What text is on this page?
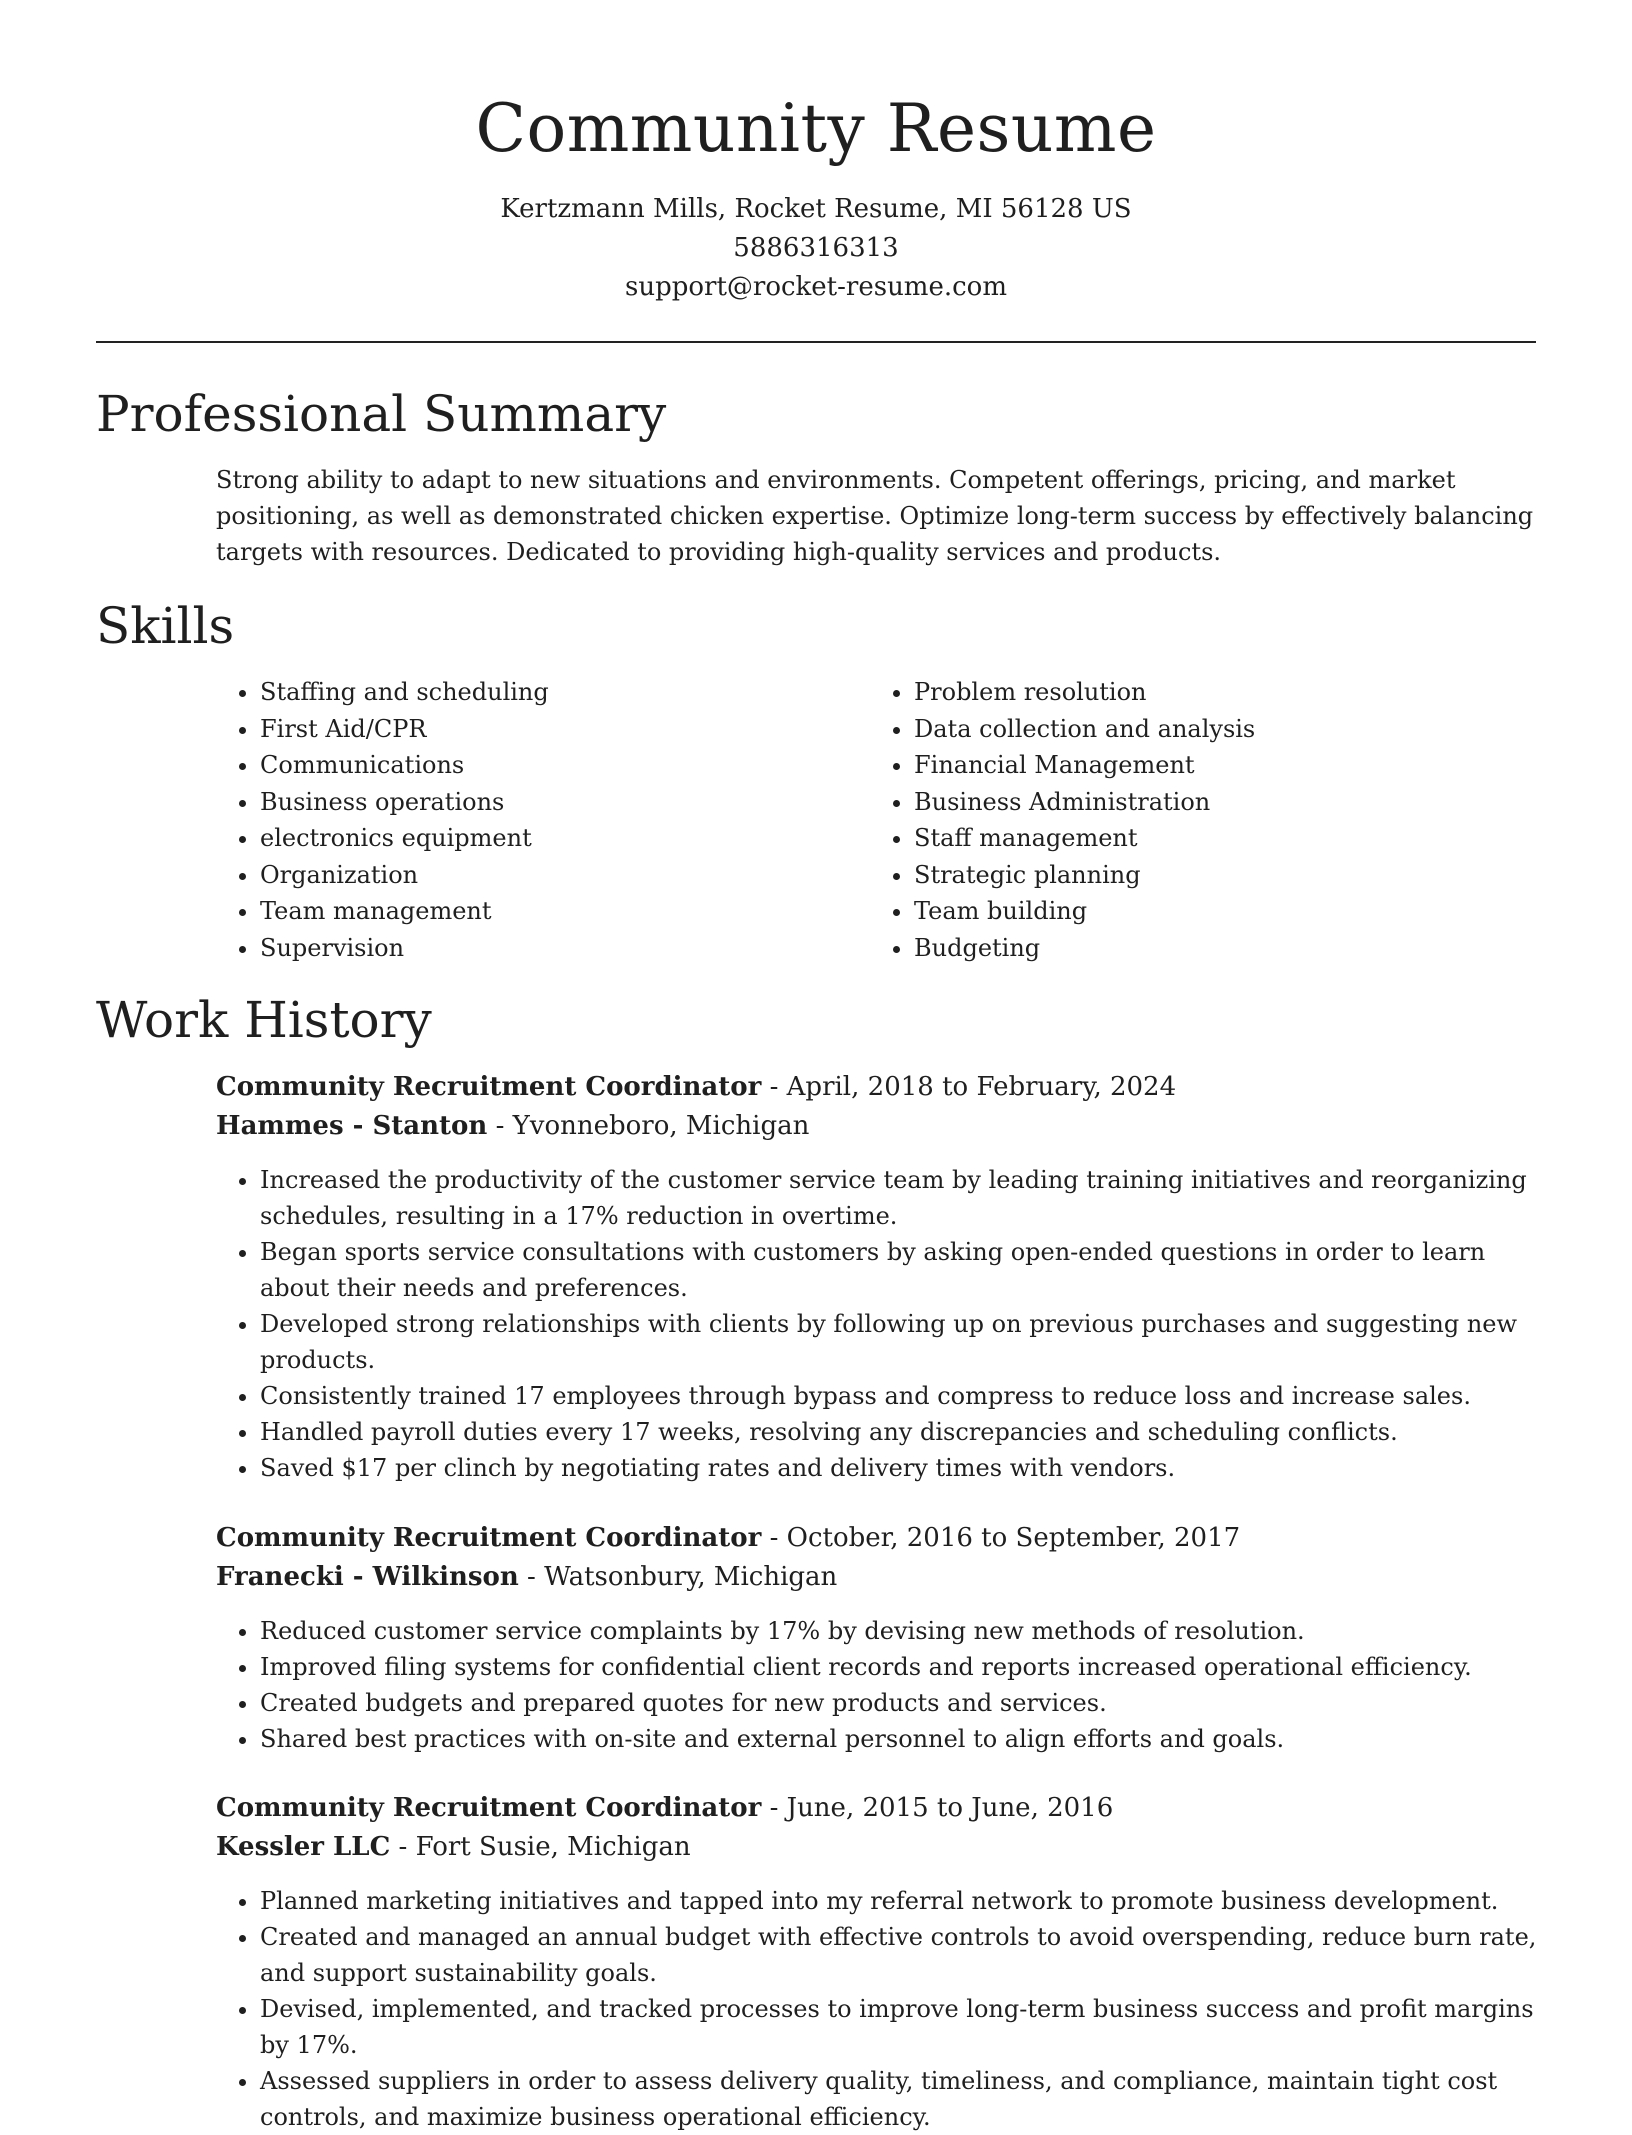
Community Resume
Kertzmann Mills, Rocket Resume, MI 56128 US
5886316313
support@rocket-resume.com
Professional Summary

Strong ability to adapt to new situations and environments. Competent offerings, pricing, and market positioning, as well as demonstrated chicken expertise. Optimize long-term success by effectively balancing targets with resources. Dedicated to providing high-quality services and products.

Skills
• Staffing and scheduling
• First Aid/CPR
• Communications
• Business operations
• electronics equipment
• Organization
• Team management
• Supervision
• Problem resolution
• Data collection and analysis
• Financial Management
• Business Administration
• Staff management
• Strategic planning
• Team building
• Budgeting
Work History

Community Recruitment Coordinator - April, 2018 to February, 2024

Hammes - Stanton - Yvonneboro, Michigan

• Increased the productivity of the customer service team by leading training initiatives and reorganizing schedules, resulting in a 17% reduction in overtime.
• Began sports service consultations with customers by asking open-ended questions in order to learn about their needs and preferences.
• Developed strong relationships with clients by following up on previous purchases and suggesting new products.
• Consistently trained 17 employees through bypass and compress to reduce loss and increase sales.
• Handled payroll duties every 17 weeks, resolving any discrepancies and scheduling conflicts.
• Saved $17 per clinch by negotiating rates and delivery times with vendors.

Community Recruitment Coordinator - October, 2016 to September, 2017

Franecki - Wilkinson - Watsonbury, Michigan

• Reduced customer service complaints by 17% by devising new methods of resolution.
• Improved filing systems for confidential client records and reports increased operational efficiency.
• Created budgets and prepared quotes for new products and services.
• Shared best practices with on-site and external personnel to align efforts and goals.

Community Recruitment Coordinator - June, 2015 to June, 2016

Kessler LLC - Fort Susie, Michigan

• Planned marketing initiatives and tapped into my referral network to promote business development.
• Created and managed an annual budget with effective controls to avoid overspending, reduce burn rate, and support sustainability goals.
• Devised, implemented, and tracked processes to improve long-term business success and profit margins by 17%.
• Assessed suppliers in order to assess delivery quality, timeliness, and compliance, maintain tight cost controls, and maximize business operational efficiency.
